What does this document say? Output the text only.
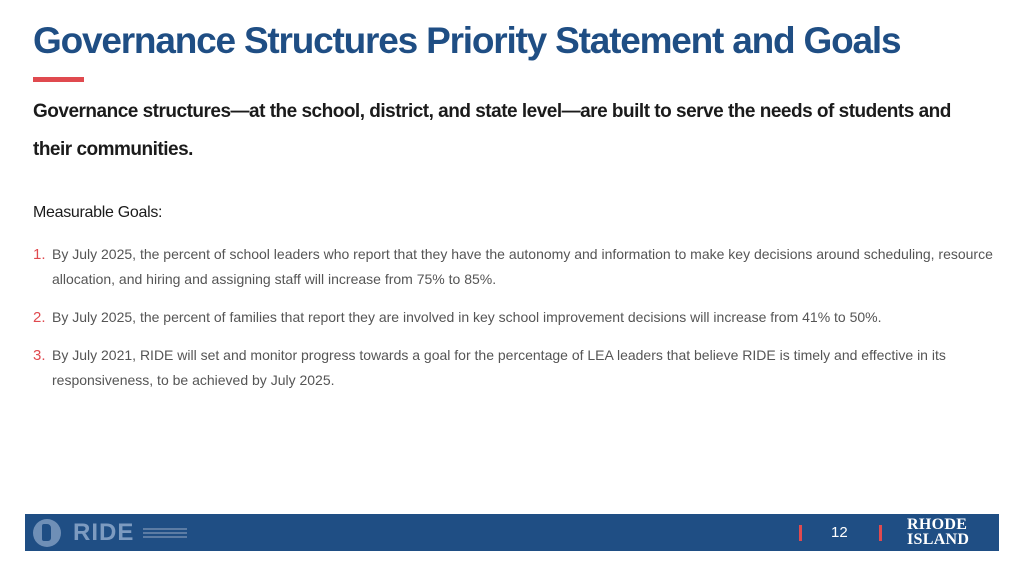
Governance Structures Priority Statement and Goals
Governance structures—at the school, district, and state level—are built to serve the needs of students and their communities.
Measurable Goals:
1. By July 2025, the percent of school leaders who report that they have the autonomy and information to make key decisions around scheduling, resource allocation, and hiring and assigning staff will increase from 75% to 85%.
2. By July 2025, the percent of families that report they are involved in key school improvement decisions will increase from 41% to 50%.
3. By July 2021, RIDE will set and monitor progress towards a goal for the percentage of LEA leaders that believe RIDE is timely and effective in its responsiveness, to be achieved by July 2025.
RIDE	12	RHODE
ISLAND
